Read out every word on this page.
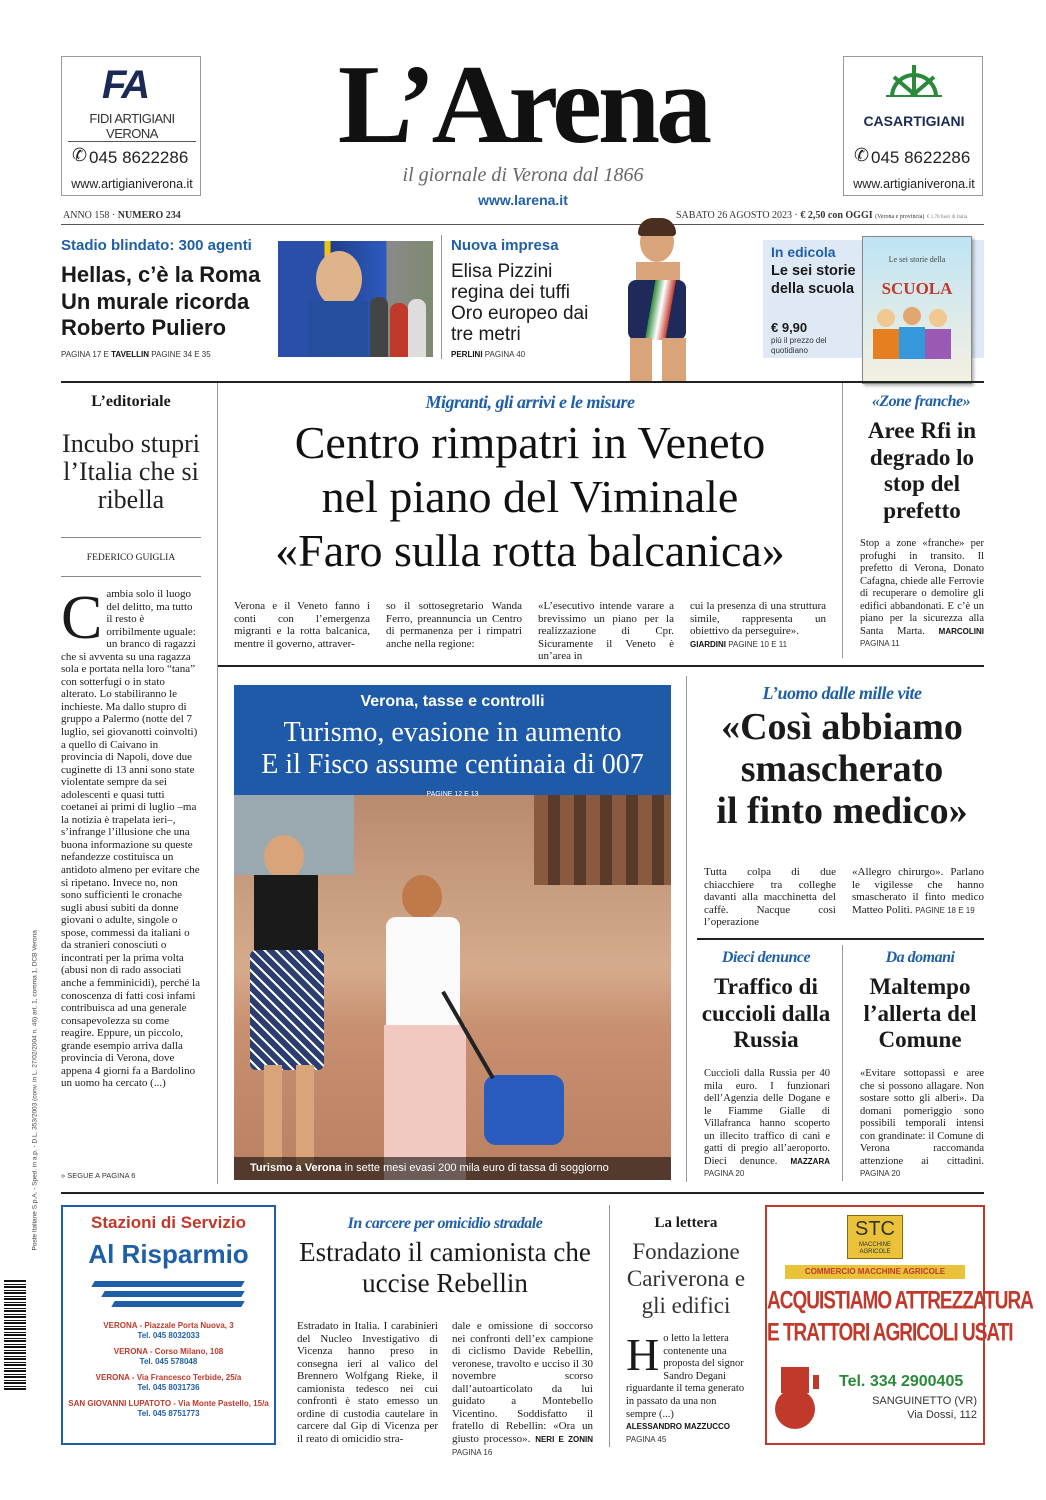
FA
FIDI ARTIGIANI VERONA
✆ 045 8622286
www.artigianiverona.it
L’Arena
il giornale di Verona dal 1866
www.larena.it
CASARTIGIANI
✆ 045 8622286
www.artigianiverona.it
ANNO 158 · NUMERO 234	SABATO 26 AGOSTO 2023 · € 2,50 con OGGI (Verona e provincia) € 1,70 fuori di Italia
Stadio blindato: 300 agenti
Hellas, c’è la Roma Un murale ricorda Roberto Puliero
PAGINA 17 E TAVELLIN PAGINE 34 E 35
Nuova impresa
Elisa Pizzini regina dei tuffi Oro europeo dai tre metri
PERLINI PAGINA 40
In edicola
Le sei storie della scuola
€ 9,90
più il prezzo del quotidiano
Le sei storie della
SCUOLA
L’editoriale
Incubo stupri l’Italia che si ribella
FEDERICO GUIGLIA
C ambia solo il luogo del delitto, ma tutto il resto è orribilmente uguale: un branco di ragazzi che si avventa su una ragazza sola e portata nella loro “tana” con sotterfugi o in stato alterato. Lo stabiliranno le inchieste. Ma dallo stupro di gruppo a Palermo (notte del 7 luglio, sei giovanotti coinvolti) a quello di Caivano in provincia di Napoli, dove due cuginette di 13 anni sono state violentate sempre da sei adolescenti e quasi tutti coetanei ai primi di luglio –ma la notizia è trapelata ieri–, s’infrange l’illusione che una buona informazione su queste nefandezze costituisca un antidoto almeno per evitare che si ripetano. Invece no, non sono sufficienti le cronache sugli abusi subiti da donne giovani o adulte, singole o spose, commessi da italiani o da stranieri conosciuti o incontrati per la prima volta (abusi non di rado associati anche a femminicidi), perché la conoscenza di fatti così infami contribuisca ad una generale consapevolezza su come reagire. Eppure, un piccolo, grande esempio arriva dalla provincia di Verona, dove appena 4 giorni fa a Bardolino un uomo ha cercato (...)
» SEGUE A PAGINA 6
Poste Italiane S.p.A. - Sped. in a.p. - D.L. 353/2003 (conv. in L. 27/02/2004 n. 46) art. 1, comma 1, DCB Verona
Migranti, gli arrivi e le misure
Centro rimpatri in Veneto
nel piano del Viminale
«Faro sulla rotta balcanica»
Verona e il Veneto fanno i conti con l’emergenza migranti e la rotta balcanica, mentre il governo, attraver-
so il sottosegretario Wanda Ferro, preannuncia un Centro di permanenza per i rimpatri anche nella regione:
«L’esecutivo intende varare a brevissimo un piano per la realizzazione di Cpr. Sicuramente il Veneto è un’area in
cui la presenza di una struttura simile, rappresenta un obiettivo da perseguire».
GIARDINI PAGINE 10 E 11
«Zone franche»
Aree Rfi in degrado lo stop del prefetto
Stop a zone «franche» per profughi in transito. Il prefetto di Verona, Donato Cafagna, chiede alle Ferrovie di recuperare o demolire gli edifici abbandonati. E c’è un piano per la sicurezza alla Santa Marta. MARCOLINI PAGINA 11
Verona, tasse e controlli
Turismo, evasione in aumento
E il Fisco assume centinaia di 007
PAGINE 12 E 13
Turismo a Verona in sette mesi evasi 200 mila euro di tassa di soggiorno
L’uomo dalle mille vite
«Così abbiamo
smascherato
il finto medico»
Tutta colpa di due chiacchiere tra colleghe davanti alla macchinetta del caffè. Nacque così l’operazione
«Allegro chirurgo». Parlano le vigilesse che hanno smascherato il finto medico Matteo Politi. PAGINE 18 E 19
Dieci denunce
Traffico di cuccioli dalla Russia
Cuccioli dalla Russia per 40 mila euro. I funzionari dell’Agenzia delle Dogane e le Fiamme Gialle di Villafranca hanno scoperto un illecito traffico di cani e gatti di pregio all’aeroporto. Dieci denunce. MAZZARA PAGINA 20
Da domani
Maltempo l’allerta del Comune
«Evitare sottopassi e aree che si possono allagare. Non sostare sotto gli alberi». Da domani pomeriggio sono possibili temporali intensi con grandinate: il Comune di Verona raccomanda attenzione ai cittadini. PAGINA 20
Stazioni di Servizio
Al Risparmio
VERONA - Piazzale Porta Nuova, 3
Tel. 045 8032033
VERONA - Corso Milano, 108
Tel. 045 578048
VERONA - Via Francesco Terbide, 25/a
Tel. 045 8031736
SAN GIOVANNI LUPATOTO - Via Monte Pastello, 15/a
Tel. 045 8751773
In carcere per omicidio stradale
Estradato il camionista che uccise Rebellin
Estradato in Italia. I carabinieri del Nucleo Investigativo di Vicenza hanno preso in consegna ieri al valico del Brennero Wolfgang Rieke, il camionista tedesco nei cui confronti è stato emesso un ordine di custodia cautelare in carcere dal Gip di Vicenza per il reato di omicidio stra-
dale e omissione di soccorso nei confronti dell’ex campione di ciclismo Davide Rebellin, veronese, travolto e ucciso il 30 novembre scorso dall’autoarticolato da lui guidato a Montebello Vicentino. Soddisfatto il fratello di Rebellin: «Ora un giusto processo». NERI E ZONIN PAGINA 16
La lettera
Fondazione Cariverona e gli edifici
H o letto la lettera contenente una proposta del signor Sandro Degani riguardante il tema generato in passato da una non sempre (...)
ALESSANDRO MAZZUCCO
PAGINA 45
STC
MACCHINE AGRICOLE
COMMERCIO MACCHINE AGRICOLE
ACQUISTIAMO ATTREZZATURA
E TRATTORI AGRICOLI USATI
Tel. 334 2900405
SANGUINETTO (VR)
Via Dossi, 112
